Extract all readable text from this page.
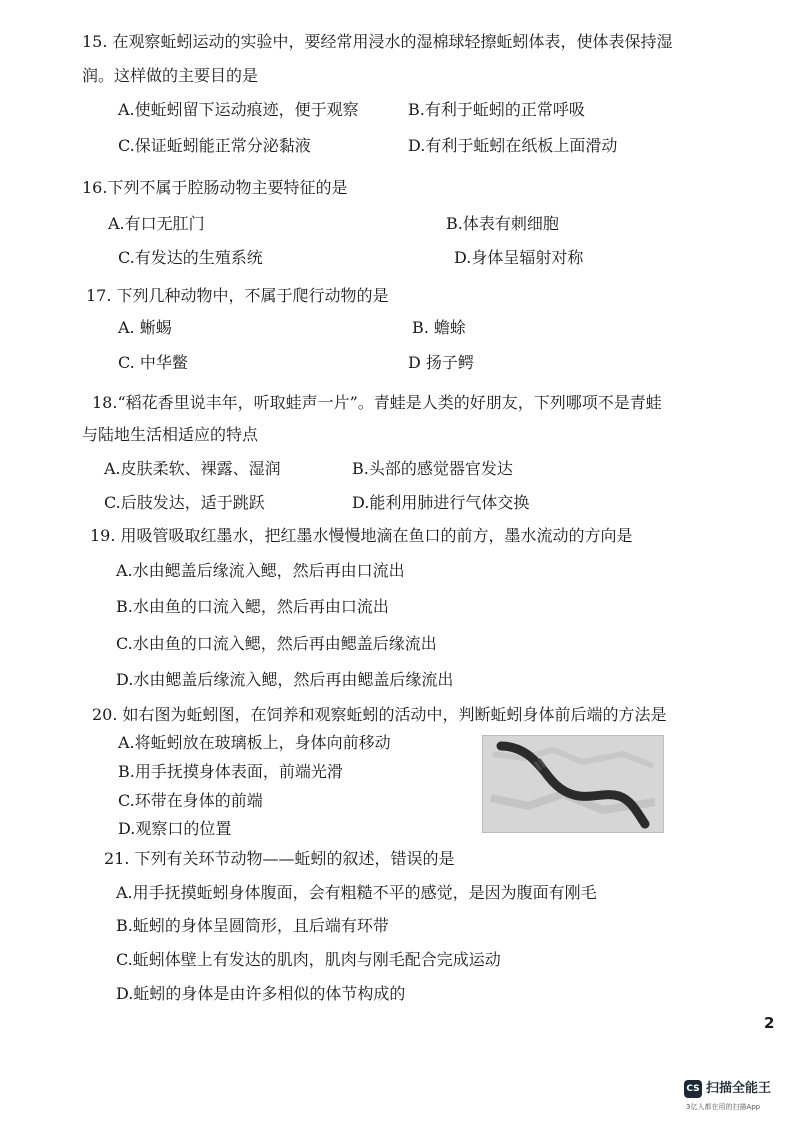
15. 在观察蚯蚓运动的实验中，要经常用浸水的湿棉球轻擦蚯蚓体表，使体表保持湿
润。这样做的主要目的是
A.使蚯蚓留下运动痕迹，便于观察	B.有利于蚯蚓的正常呼吸
C.保证蚯蚓能正常分泌黏液	D.有利于蚯蚓在纸板上面滑动
16.下列不属于腔肠动物主要特征的是
A.有口无肛门	B.体表有刺细胞
C.有发达的生殖系统	D.身体呈辐射对称
17. 下列几种动物中，不属于爬行动物的是
A. 蜥蜴	B. 蟾蜍
C. 中华鳖	D 扬子鳄
18.“稻花香里说丰年，听取蛙声一片”。青蛙是人类的好朋友，下列哪项不是青蛙
与陆地生活相适应的特点
A.皮肤柔软、裸露、湿润	B.头部的感觉器官发达
C.后肢发达，适于跳跃	D.能利用肺进行气体交换
19. 用吸管吸取红墨水，把红墨水慢慢地滴在鱼口的前方，墨水流动的方向是
A.水由鳃盖后缘流入鳃，然后再由口流出
B.水由鱼的口流入鳃，然后再由口流出
C.水由鱼的口流入鳃，然后再由鳃盖后缘流出
D.水由鳃盖后缘流入鳃，然后再由鳃盖后缘流出
20. 如右图为蚯蚓图，在饲养和观察蚯蚓的活动中，判断蚯蚓身体前后端的方法是
A.将蚯蚓放在玻璃板上，身体向前移动
B.用手抚摸身体表面，前端光滑
C.环带在身体的前端
D.观察口的位置
21. 下列有关环节动物——蚯蚓的叙述，错误的是
A.用手抚摸蚯蚓身体腹面，会有粗糙不平的感觉，是因为腹面有刚毛
B.蚯蚓的身体呈圆筒形，且后端有环带
C.蚯蚓体壁上有发达的肌肉，肌肉与刚毛配合完成运动
D.蚯蚓的身体是由许多相似的体节构成的
2
CS 扫描全能王
3亿人都在用的扫描App
